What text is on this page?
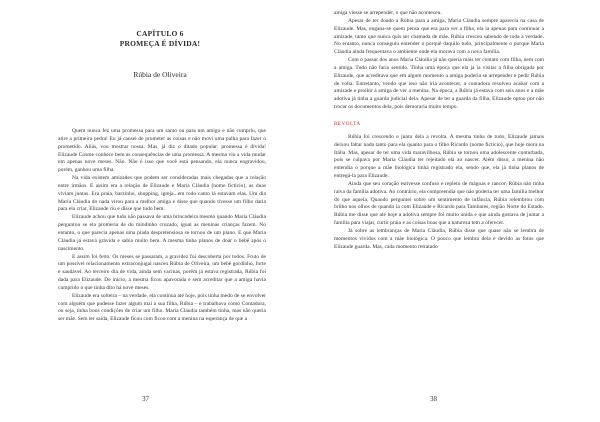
CAPÍTULO 6
PROMEÇA É DÍVIDA!
Rúbia de Oliveira

Quem nunca fez uma promessa para um santo ou para um amigo e não cumpriu, que atire a primeira pedra! Eu já cansei de prometer as coisas e não movi uma palha para fazer o prometido. Aliás, vou mostrar nossa. Mas, já diz o ditado popular: promessa é dívida! Elizaude Cosme conhece bem as consequências de uma promessa. A mesma viu a vida mudar em apenas nove meses. Não. Não é isso que você está pensando, ela nunca engravidou, porém, ganhou uma filha.

Na vida existem amizades que podem ser consideradas mais chegadas que a relação entre irmãos. E assim era a relação de Elizaude e Maria Cláudia (nome fictício), as duas viviam juntas. Era praia, barzinho, shopping, igreja...em todo canto lá estavam elas. Um dia Maria Cláudia do nada virou para a melhor amiga e disse que quando tivesse um filho daria para ela criar, Elizaude riu e disse que tudo bem.

Elizaude achou que tudo não passava de uma brincadeira mesmo quando Maria Cláudia perguntou se ela promeria de do mindinho cruzado, igual as meninas crianças fazem. No entanto, o que parecia apenas uma piada despretensiosa se tornou de um plano. E que Maria Cláudia já estava grávida e sabia muito bem. A mesma tinha planos de doar o bebê após o nascimento.

E assim foi feito. Os meses se passaram, a gravidez foi descoberta por todos. Fruto de um possível relacionamento extraconjugal nasceu Rúbia de Oliveira, um bebê gordinho, forte e saudável. Ao terceiro dia de vida, ainda sem vacinas, porém já estava registrada, Rúbia foi dada para Elizaude. De início, a mesma ficou apavorada e sem acreditar que a amiga havia cumprido o que tinha dito há nove meses.

Elizaude era solteira – na verdade, ela continua até hoje, pois tinha medo de se envolver com alguém que pudesse fazer algum mal a sua filha, Rúbia – e trabalhava como Contadora, ou seja, tinha bons condições de criar um filho. Maria Cláudia também tinha, mas não queria ser mãe. Sem ter saída, Elizaude ficou com ficou com a menina na esperança de que a

37

amiga viesse se arrepender, o que não aconteceu.

Apesar de ter doado a Rúbia para a amiga, Maria Cláudia sempre aparecia na casa de Elizaude. Mas, engana-se quem pensa que era para ver a filha, ela ia apenas para continuar a amizade, tanto que nunca quis ser chamada de mãe. Rúbia cresceu sabendo de toda a verdade. No entanto, nunca conseguiu entender o porquê daquilo tudo, principalmente o porque Maria Cláudia ainda frequentava o ambiente onde ela morava com a nova família.

Com o passar dos anos Maria Cláudia já não queria mais ter contato com filha, nem com a amiga. Tudo não faria sentido. Tinha uma época que ela ja ia visitar a filha obrigada por Elizaude, que acreditava que em algum momento a amiga poderia se arrepender e pedir Rúbia de volta. Entretanto, vendo que isso não iria acontecer, a contadora resolveu acabar com a amizade e proibir à amiga de ver a menina. Na época, a Rúbia já estava com seis anos e a mãe adotiva já tinha a guarda judicial dela. Apesar de ter a guarda da filha, Elizaude optou por não trocar os documentos dela, pois demoraria muito tempo.

REVOLTA

Rúbia foi crescendo e junto dela a revolta. A mesma tinha de tudo, Elizaude jamais deixou faltar nada tanto para ela quanto para o filho Ricardo (nome fictício), que hoje mora na Itália. Mas, apesar de ter uma vida maravilhosa, Rúbia se tornou uma adolescente conturbada, pois se culpava por Maria Cláudia ter rejeitado ela ao nascer. Além disso, a menina não entendia o porque a mãe biológica tinha registrado ela, sendo que, ela já tinha planos de entregá-la para Elizaude.

Ainda que seu coração estivesse confuso e repleto de mágoas e rancor, Rúbia não tinha raiva da família adotiva. Ao contrário, ela compreendia que não poderia ter uma família melhor do que aquela. Quando perguntei sobre um sentimento de infância, Rúbia relembrou com brilho nos olhos de quando ia com Elizaude e Ricardo para Tambares, região Norte do Estado. Rúbia me disse que até hoje a adotiva sempre foi muito unida e que ainda gostava de juntar a família para viajar, curtir praia e as coisas boas que a natureza tem a oferecer.

Já sobre as lembranças de Maria Cláudia, Rúbia disse que quase não se lembra de momentos vividos com a mãe biológica. O pouco que lembra dela é devido as fotos que Elizaude guarda. Mas, cada momento retratado

38
